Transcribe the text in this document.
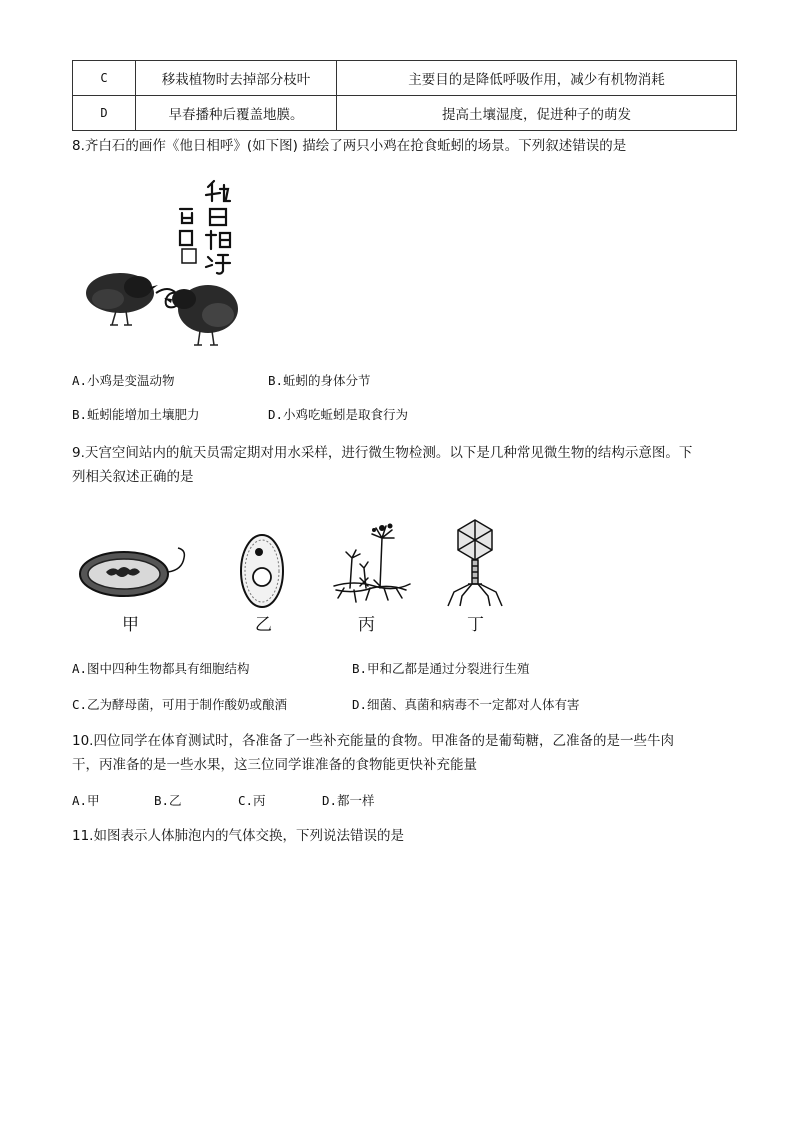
C	移栽植物时去掉部分枝叶	主要目的是降低呼吸作用，减少有机物消耗
D	早春播种后覆盖地膜。	提高土壤湿度，促进种子的萌发
8.齐白石的画作《他日相呼》(如下图) 描绘了两只小鸡在抢食蚯蚓的场景。下列叙述错误的是
A.小鸡是变温动物	B.蚯蚓的身体分节
B.蚯蚓能增加土壤肥力	D.小鸡吃蚯蚓是取食行为
9.天宫空间站内的航天员需定期对用水采样，进行微生物检测。以下是几种常见微生物的结构示意图。下
列相关叙述正确的是
甲	乙	丙	丁
A.图中四种生物都具有细胞结构	B.甲和乙都是通过分裂进行生殖
C.乙为酵母菌，可用于制作酸奶或酿酒	D.细菌、真菌和病毒不一定都对人体有害
10.四位同学在体育测试时，各准备了一些补充能量的食物。甲准备的是葡萄糖，乙准备的是一些牛肉
干，丙准备的是一些水果，这三位同学谁准备的食物能更快补充能量
A.甲	B.乙	C.丙	D.都一样
11.如图表示人体肺泡内的气体交换，下列说法错误的是
